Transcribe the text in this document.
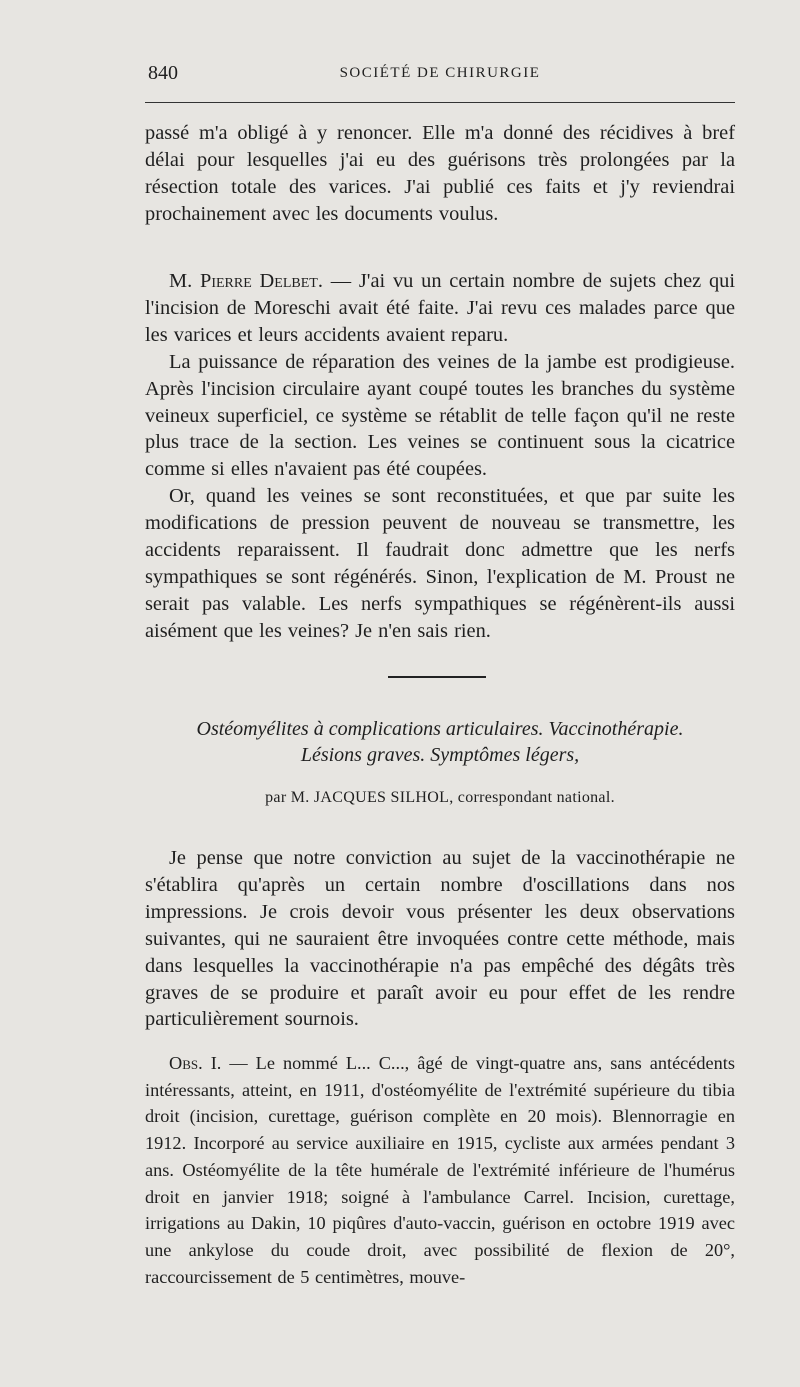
840	SOCIÉTÉ DE CHIRURGIE

passé m'a obligé à y renoncer. Elle m'a donné des récidives à bref délai pour lesquelles j'ai eu des guérisons très prolongées par la résection totale des varices. J'ai publié ces faits et j'y reviendrai prochainement avec les documents voulus.

M. Pierre Delbet. — J'ai vu un certain nombre de sujets chez qui l'incision de Moreschi avait été faite. J'ai revu ces malades parce que les varices et leurs accidents avaient reparu.

La puissance de réparation des veines de la jambe est prodigieuse. Après l'incision circulaire ayant coupé toutes les branches du système veineux superficiel, ce système se rétablit de telle façon qu'il ne reste plus trace de la section. Les veines se continuent sous la cicatrice comme si elles n'avaient pas été coupées.

Or, quand les veines se sont reconstituées, et que par suite les modifications de pression peuvent de nouveau se transmettre, les accidents reparaissent. Il faudrait donc admettre que les nerfs sympathiques se sont régénérés. Sinon, l'explication de M. Proust ne serait pas valable. Les nerfs sympathiques se régénèrent-ils aussi aisément que les veines? Je n'en sais rien.

Ostéomyélites à complications articulaires. Vaccinothérapie.
Lésions graves. Symptômes légers,
par M. JACQUES SILHOL, correspondant national.

Je pense que notre conviction au sujet de la vaccinothérapie ne s'établira qu'après un certain nombre d'oscillations dans nos impressions. Je crois devoir vous présenter les deux observations suivantes, qui ne sauraient être invoquées contre cette méthode, mais dans lesquelles la vaccinothérapie n'a pas empêché des dégâts très graves de se produire et paraît avoir eu pour effet de les rendre particulièrement sournois.

Obs. I. — Le nommé L... C..., âgé de vingt-quatre ans, sans antécédents intéressants, atteint, en 1911, d'ostéomyélite de l'extrémité supérieure du tibia droit (incision, curettage, guérison complète en 20 mois). Blennorragie en 1912. Incorporé au service auxiliaire en 1915, cycliste aux armées pendant 3 ans. Ostéomyélite de la tête humérale de l'extrémité inférieure de l'humérus droit en janvier 1918; soigné à l'ambulance Carrel. Incision, curettage, irrigations au Dakin, 10 piqûres d'auto-vaccin, guérison en octobre 1919 avec une ankylose du coude droit, avec possibilité de flexion de 20°, raccourcissement de 5 centimètres, mouve-
